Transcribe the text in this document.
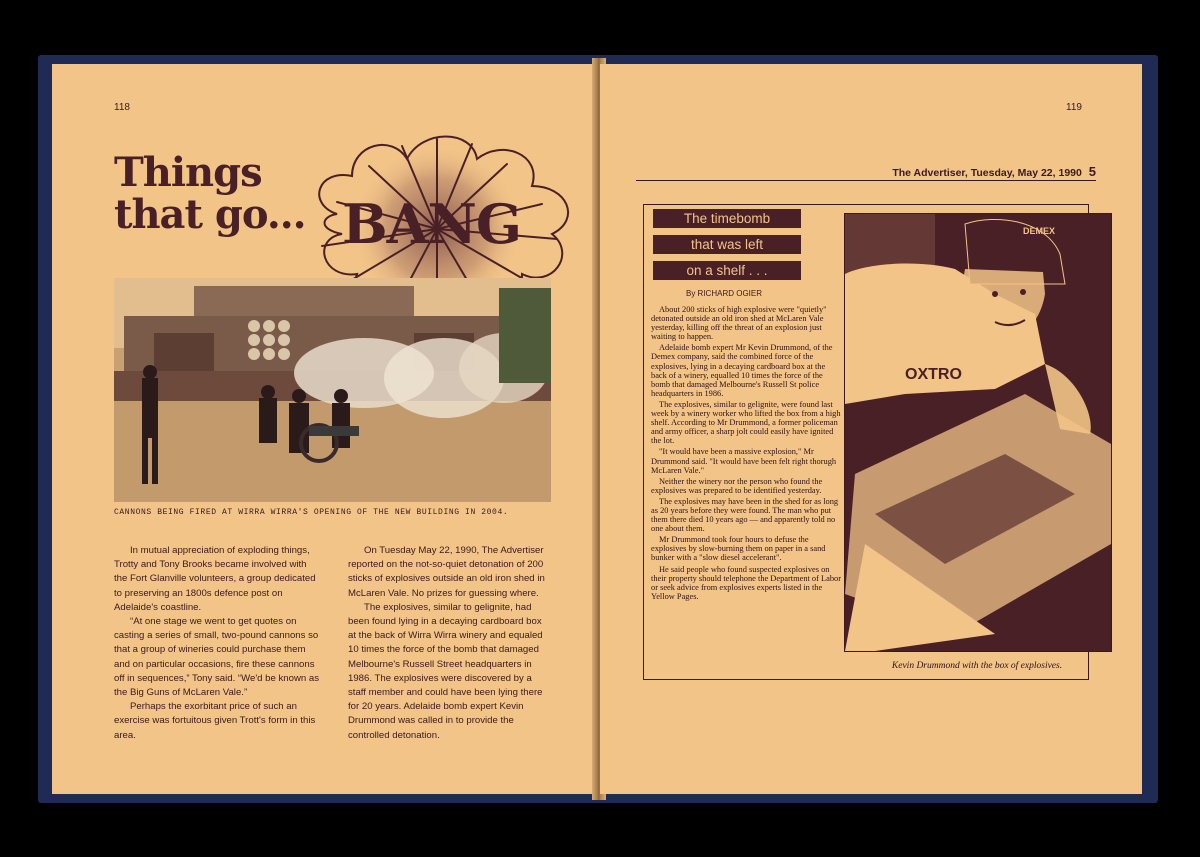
118
Things
that go... BANG
CANNONS BEING FIRED AT WIRRA WIRRA'S OPENING OF THE NEW BUILDING IN 2004.

In mutual appreciation of exploding things, Trotty and Tony Brooks became involved with the Fort Glanville volunteers, a group dedicated to preserving an 1800s defence post on Adelaide's coastline.

“At one stage we went to get quotes on casting a series of small, two-pound cannons so that a group of wineries could purchase them and on particular occasions, fire these cannons off in sequences,” Tony said. “We'd be known as the Big Guns of McLaren Vale.”

Perhaps the exorbitant price of such an exercise was fortuitous given Trott's form in this area.

On Tuesday May 22, 1990, The Advertiser reported on the not-so-quiet detonation of 200 sticks of explosives outside an old iron shed in McLaren Vale. No prizes for guessing where.

The explosives, similar to gelignite, had been found lying in a decaying cardboard box at the back of Wirra Wirra winery and equaled 10 times the force of the bomb that damaged Melbourne's Russell Street headquarters in 1986. The explosives were discovered by a staff member and could have been lying there for 20 years. Adelaide bomb expert Kevin Drummond was called in to provide the controlled detonation.

119
The Advertiser, Tuesday, May 22, 1990 5
The timebomb
that was left
on a shelf . . .
By RICHARD OGIER

About 200 sticks of high explosive were "quietly" detonated outside an old iron shed at McLaren Vale yesterday, killing off the threat of an explosion just waiting to happen.

Adelaide bomb expert Mr Kevin Drummond, of the Demex company, said the combined force of the explosives, lying in a decaying cardboard box at the back of a winery, equalled 10 times the force of the bomb that damaged Melbourne's Russell St police headquarters in 1986.

The explosives, similar to gelignite, were found last week by a winery worker who lifted the box from a high shelf. According to Mr Drummond, a former policeman and army officer, a sharp jolt could easily have ignited the lot.

"It would have been a massive explosion," Mr Drummond said. "It would have been felt right thorugh McLaren Vale."

Neither the winery nor the person who found the explosives was prepared to be identified yesterday.

The explosives may have been in the shed for as long as 20 years before they were found. The man who put them there died 10 years ago — and apparently told no one about them.

Mr Drummond took four hours to defuse the explosives by slow-burning them on paper in a sand bunker with a "slow diesel accelerant".

He said people who found suspected explosives on their property should telephone the Department of Labor or seek advice from explosives experts listed in the Yellow Pages.

DEMEX
OXTRO
Kevin Drummond with the box of explosives.
